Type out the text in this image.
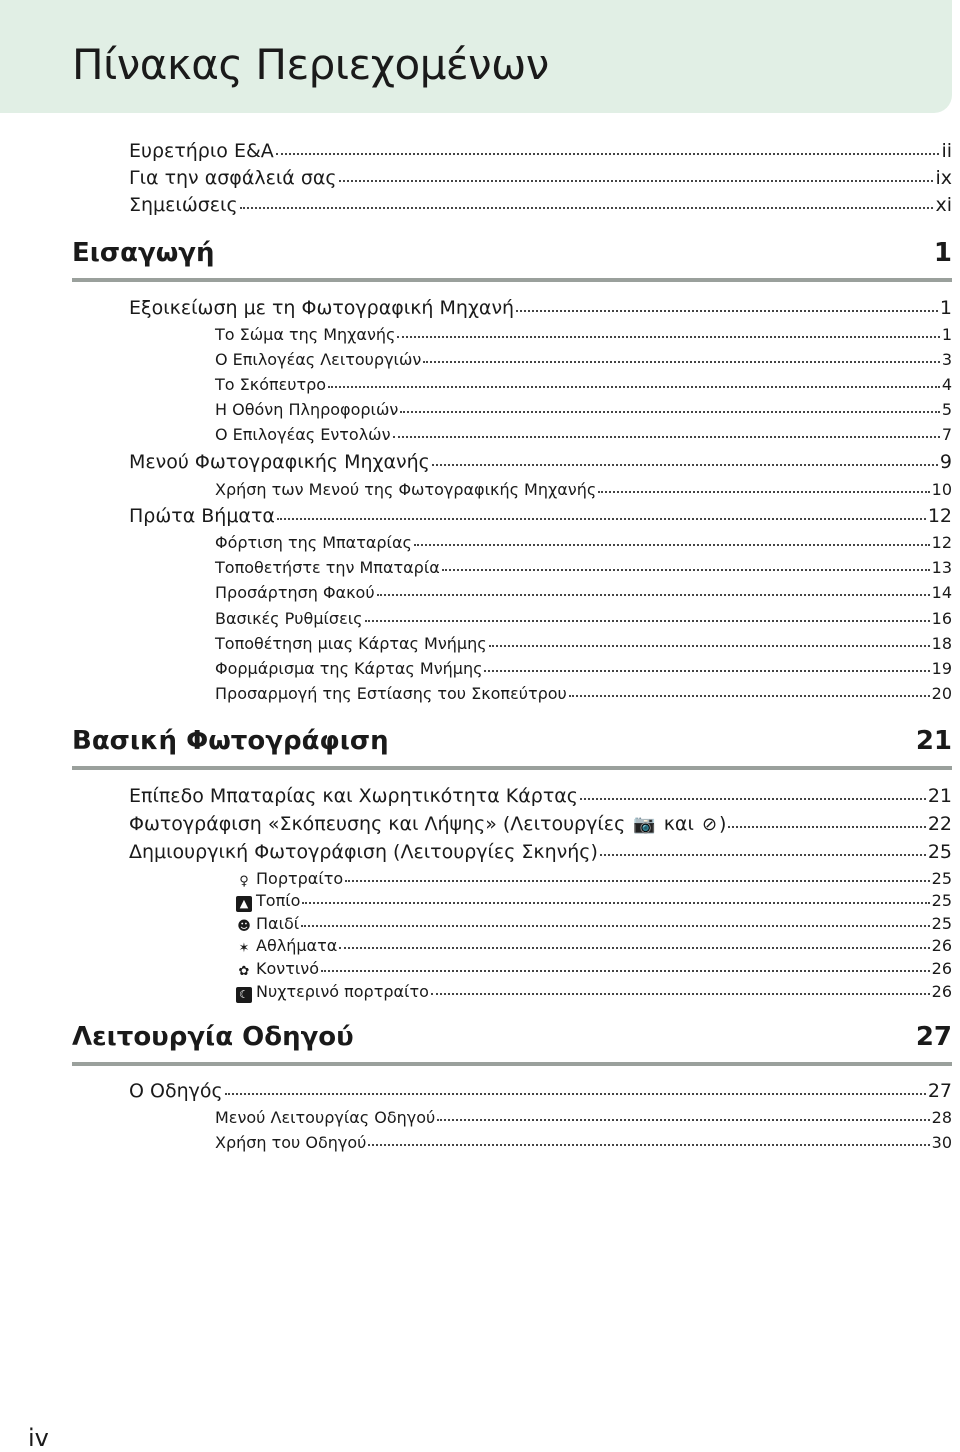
Πίνακας Περιεχομένων
Ευρετήριο Ε&Α	ii
Για την ασφάλειά σας	ix
Σημειώσεις	xi
Εισαγωγή	1
Εξοικείωση με τη Φωτογραφική Μηχανή	1
Το Σώμα της Μηχανής	1
Ο Επιλογέας Λειτουργιών	3
Το Σκόπευτρο	4
Η Οθόνη Πληροφοριών	5
Ο Επιλογέας Εντολών	7
Μενού Φωτογραφικής Μηχανής	9
Χρήση των Μενού της Φωτογραφικής Μηχανής	10
Πρώτα Βήματα	12
Φόρτιση της Μπαταρίας	12
Τοποθετήστε την Μπαταρία	13
Προσάρτηση Φακού	14
Βασικές Ρυθμίσεις	16
Τοποθέτηση μιας Κάρτας Μνήμης	18
Φορμάρισμα της Κάρτας Μνήμης	19
Προσαρμογή της Εστίασης του Σκοπεύτρου	20
Βασική Φωτογράφιση	21
Επίπεδο Μπαταρίας και Χωρητικότητα Κάρτας	21
Φωτογράφιση «Σκόπευσης και Λήψης» (Λειτουργίες 📷 και ⊘ )	22
Δημιουργική Φωτογράφιση (Λειτουργίες Σκηνής)	25
♀ Πορτραίτο	25
▲ Τοπίο	25
☻ Παιδί	25
✶ Αθλήματα	26
✿ Κοντινό	26
☾ Νυχτερινό πορτραίτο	26
Λειτουργία Οδηγού	27
Ο Οδηγός	27
Μενού Λειτουργίας Οδηγού	28
Χρήση του Οδηγού	30
iv
